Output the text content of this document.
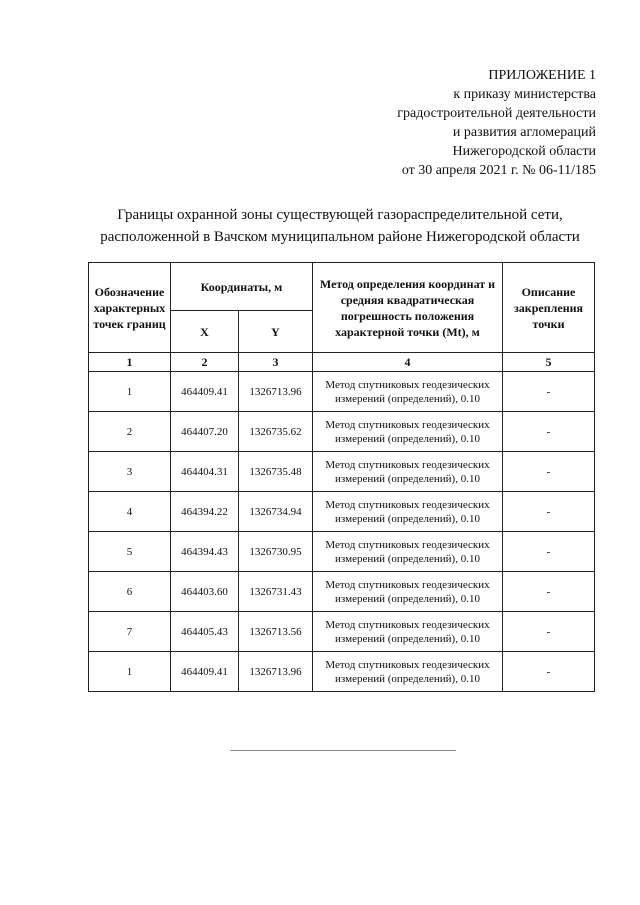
ПРИЛОЖЕНИЕ 1
к приказу министерства
градостроительной деятельности
и развития агломераций
Нижегородской области
от 30 апреля 2021 г. № 06-11/185
Границы охранной зоны существующей газораспределительной сети,
расположенной в Вачском муниципальном районе Нижегородской области
Обозначение характерных точек границ	Координаты, м		Метод определения координат и средняя квадратическая погрешность положения характерной точки (Mt), м	Описание закрепления точки
	X	Y		
1	2	3	4	5
1	464409.41	1326713.96	Метод спутниковых геодезических измерений (определений), 0.10	-
2	464407.20	1326735.62	Метод спутниковых геодезических измерений (определений), 0.10	-
3	464404.31	1326735.48	Метод спутниковых геодезических измерений (определений), 0.10	-
4	464394.22	1326734.94	Метод спутниковых геодезических измерений (определений), 0.10	-
5	464394.43	1326730.95	Метод спутниковых геодезических измерений (определений), 0.10	-
6	464403.60	1326731.43	Метод спутниковых геодезических измерений (определений), 0.10	-
7	464405.43	1326713.56	Метод спутниковых геодезических измерений (определений), 0.10	-
1	464409.41	1326713.96	Метод спутниковых геодезических измерений (определений), 0.10	-
